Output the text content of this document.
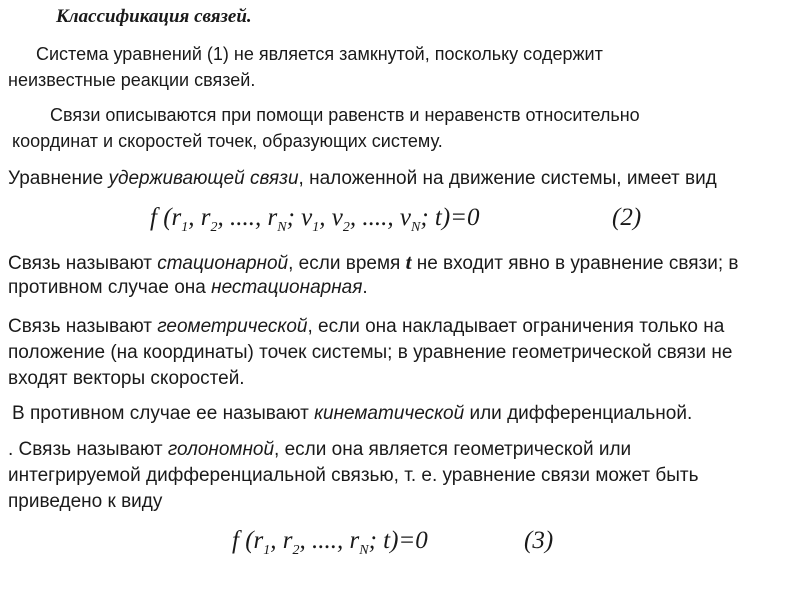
Классификация связей.
Система уравнений (1) не является замкнутой, поскольку содержит
неизвестные реакции связей.
Связи описываются при помощи равенств и неравенств относительно
координат и скоростей точек, образующих систему.
Уравнение удерживающей связи, наложенной на движение системы, имеет вид
f ($r_1$, $r_2$, ...., $r_N$; $v_1$, $v_2$, ...., $v_N$; t)=0	(2)
Связь называют стационарной, если время t не входит явно в уравнение связи; в
противном случае она нестационарная.
Связь называют геометрической, если она накладывает ограничения только на
положение (на координаты) точек системы; в уравнение геометрической связи не
входят векторы скоростей.
В противном случае ее называют кинематической или дифференциальной.
. Связь называют голономной, если она является геометрической или
интегрируемой дифференциальной связью, т. е. уравнение связи может быть
приведено к виду
f ($r_1$, $r_2$, ...., $r_N$; t)=0	(3)
